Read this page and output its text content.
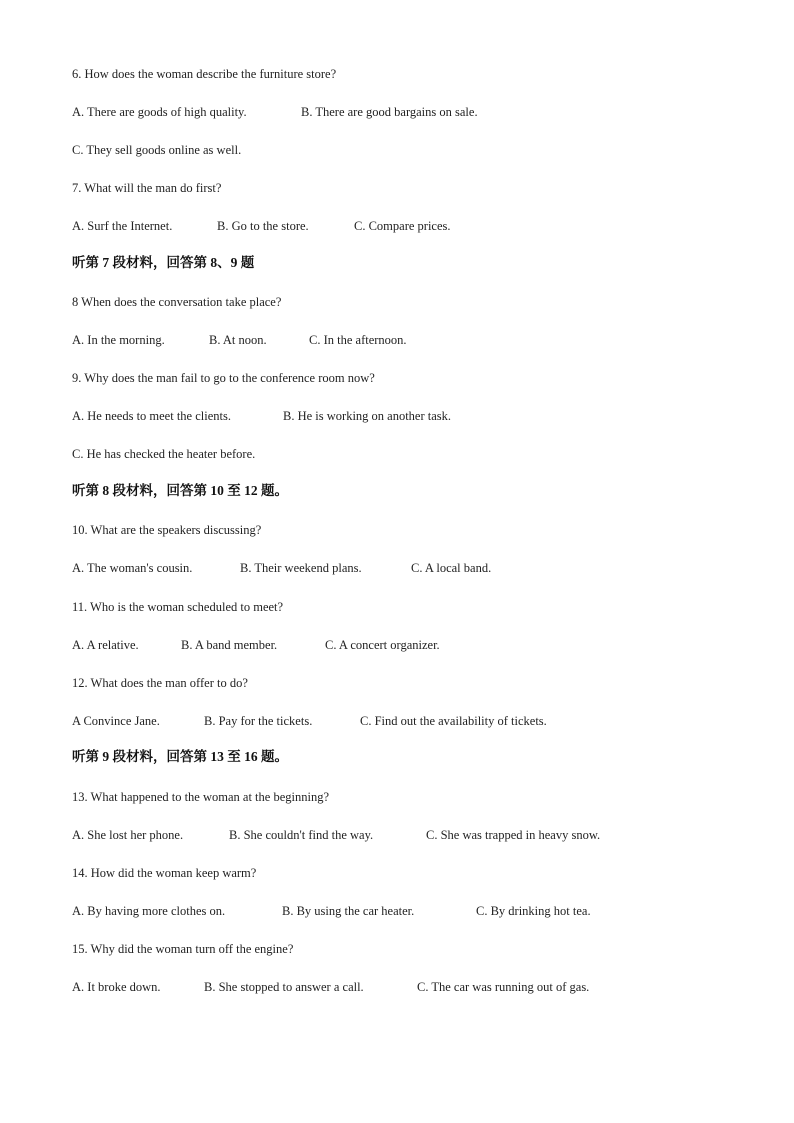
6. How does the woman describe the furniture store?
A. There are goods of high quality.	B. There are good bargains on sale.
C. They sell goods online as well.
7. What will the man do first?
A. Surf the Internet.	B. Go to the store.	C. Compare prices.
听第 7 段材料，回答第 8、9 题
8 When does the conversation take place?
A. In the morning.	B. At noon.	C. In the afternoon.
9. Why does the man fail to go to the conference room now?
A. He needs to meet the clients.	B. He is working on another task.
C. He has checked the heater before.
听第 8 段材料，回答第 10 至 12 题。
10. What are the speakers discussing?
A. The woman's cousin.	B. Their weekend plans.	C. A local band.
11. Who is the woman scheduled to meet?
A. A relative.	B. A band member.	C. A concert organizer.
12. What does the man offer to do?
A Convince Jane.	B. Pay for the tickets.	C. Find out the availability of tickets.
听第 9 段材料，回答第 13 至 16 题。
13. What happened to the woman at the beginning?
A. She lost her phone.	B. She couldn't find the way.	C. She was trapped in heavy snow.
14. How did the woman keep warm?
A. By having more clothes on.	B. By using the car heater.	C. By drinking hot tea.
15. Why did the woman turn off the engine?
A. It broke down.	B. She stopped to answer a call.	C. The car was running out of gas.
